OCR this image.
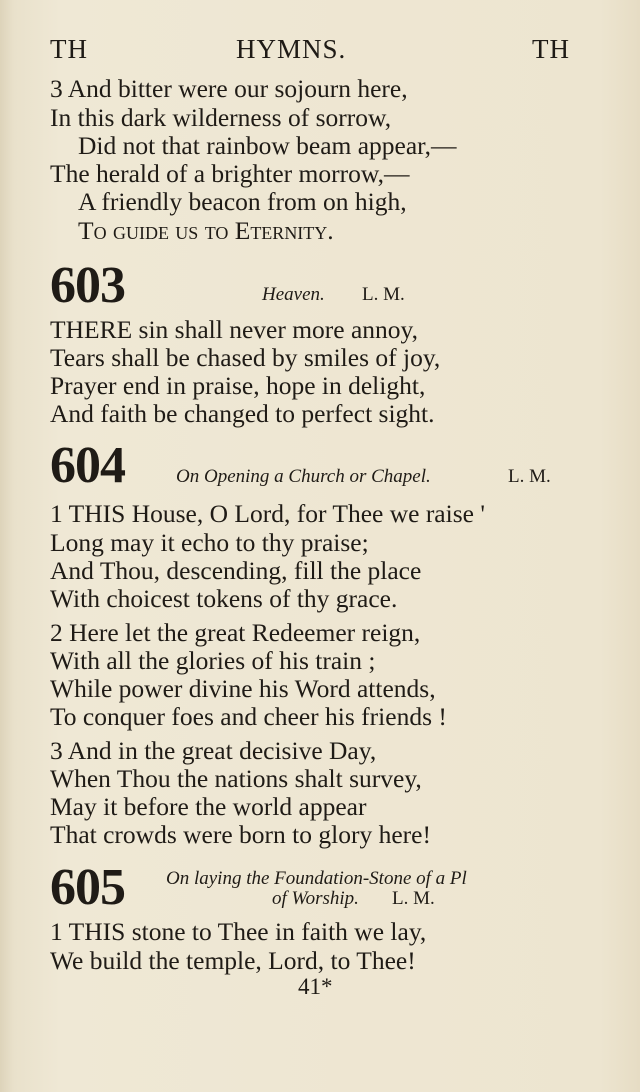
TH	HYMNS.	TH
3 And bitter were our sojourn here,
In this dark wilderness of sorrow,
Did not that rainbow beam appear,—
The herald of a brighter morrow,—
A friendly beacon from on high,
To guide us to Eternity.
603	Heaven. L. M.
THERE sin shall never more annoy,
Tears shall be chased by smiles of joy,
Prayer end in praise, hope in delight,
And faith be changed to perfect sight.
604	On Opening a Church or Chapel.	L. M.
1 THIS House, O Lord, for Thee we raise '
Long may it echo to thy praise;
And Thou, descending, fill the place
With choicest tokens of thy grace.
2 Here let the great Redeemer reign,
With all the glories of his train ;
While power divine his Word attends,
To conquer foes and cheer his friends !
3 And in the great decisive Day,
When Thou the nations shalt survey,
May it before the world appear
That crowds were born to glory here!
605 On laying the Foundation-Stone of a Pl
of Worship. L. M.
1 THIS stone to Thee in faith we lay,
We build the temple, Lord, to Thee!
41*
